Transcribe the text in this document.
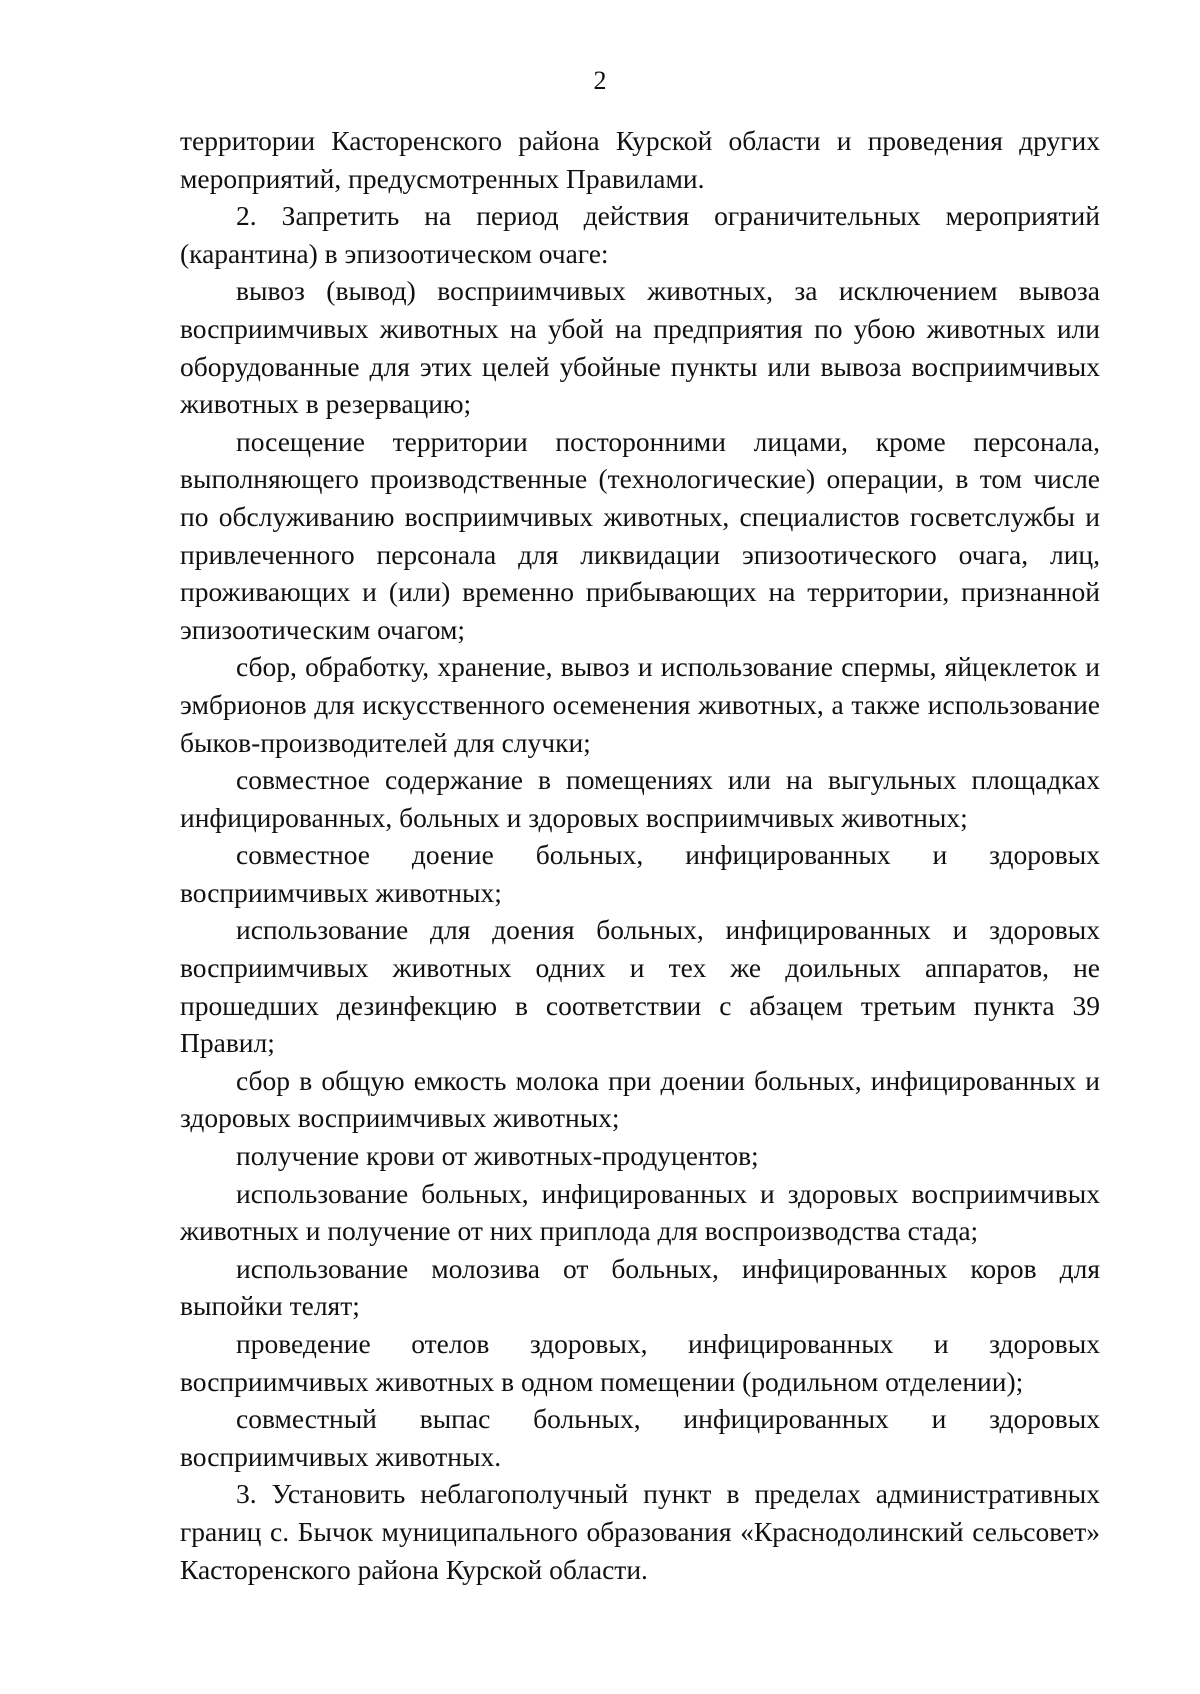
2

территории Касторенского района Курской области и проведения других мероприятий, предусмотренных Правилами.

2. Запретить на период действия ограничительных мероприятий (карантина) в эпизоотическом очаге:

вывоз (вывод) восприимчивых животных, за исключением вывоза восприимчивых животных на убой на предприятия по убою животных или оборудованные для этих целей убойные пункты или вывоза восприимчивых животных в резервацию;

посещение территории посторонними лицами, кроме персонала, выполняющего производственные (технологические) операции, в том числе по обслуживанию восприимчивых животных, специалистов госветслужбы и привлеченного персонала для ликвидации эпизоотического очага, лиц, проживающих и (или) временно прибывающих на территории, признанной эпизоотическим очагом;

сбор, обработку, хранение, вывоз и использование спермы, яйцеклеток и эмбрионов для искусственного осеменения животных, а также использование быков-производителей для случки;

совместное содержание в помещениях или на выгульных площадках инфицированных, больных и здоровых восприимчивых животных;

совместное доение больных, инфицированных и здоровых восприимчивых животных;

использование для доения больных, инфицированных и здоровых восприимчивых животных одних и тех же доильных аппаратов, не прошедших дезинфекцию в соответствии с абзацем третьим пункта 39 Правил;

сбор в общую емкость молока при доении больных, инфицированных и здоровых восприимчивых животных;

получение крови от животных-продуцентов;

использование больных, инфицированных и здоровых восприимчивых животных и получение от них приплода для воспроизводства стада;

использование молозива от больных, инфицированных коров для выпойки телят;

проведение отелов здоровых, инфицированных и здоровых восприимчивых животных в одном помещении (родильном отделении);

совместный выпас больных, инфицированных и здоровых восприимчивых животных.

3. Установить неблагополучный пункт в пределах административных границ с. Бычок муниципального образования «Краснодолинский сельсовет» Касторенского района Курской области.
